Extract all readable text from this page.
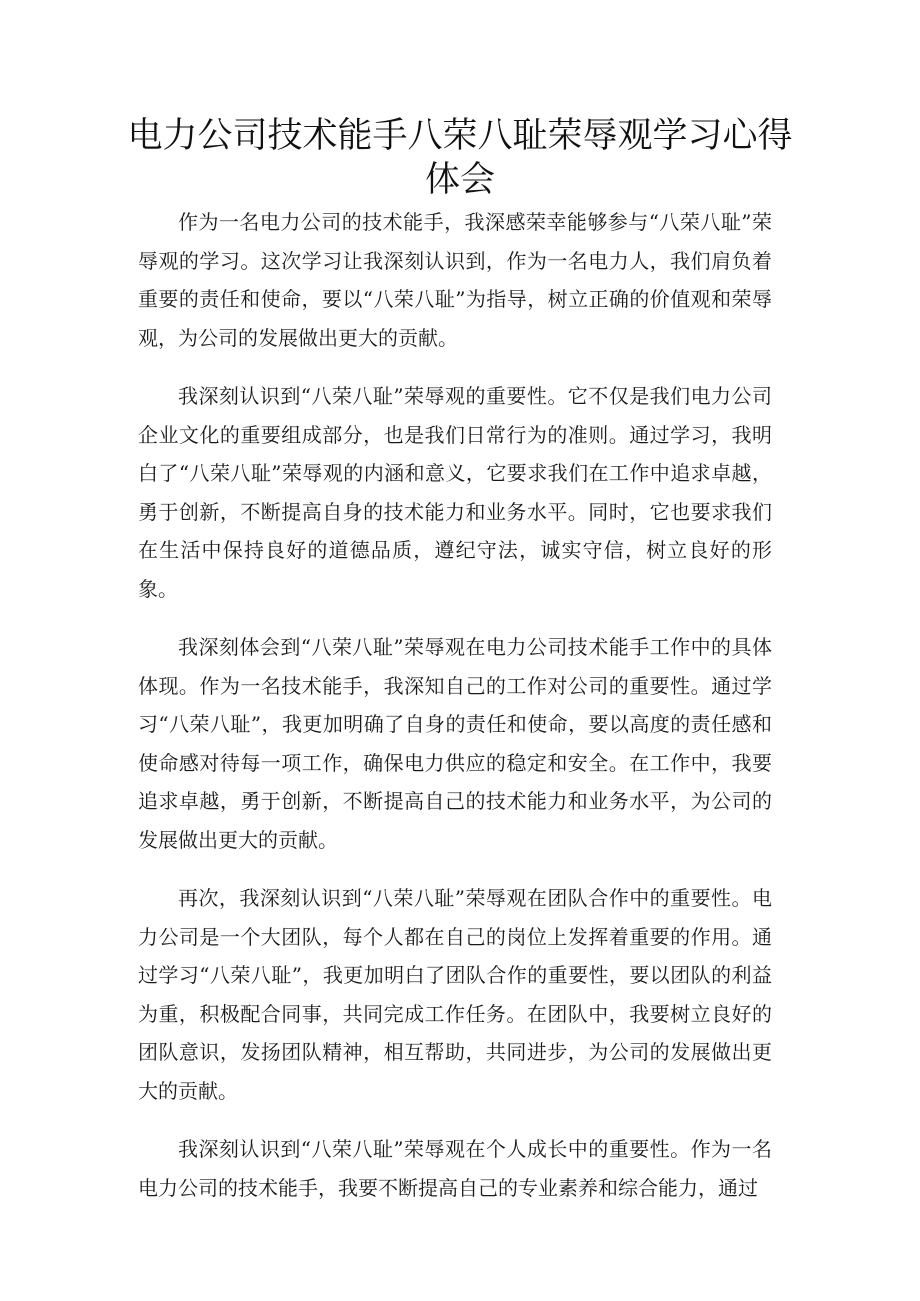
电力公司技术能手八荣八耻荣辱观学习心得
体会

作为一名电力公司的技术能手，我深感荣幸能够参与“八荣八耻”荣辱观的学习。这次学习让我深刻认识到，作为一名电力人，我们肩负着重要的责任和使命，要以“八荣八耻”为指导，树立正确的价值观和荣辱观，为公司的发展做出更大的贡献。

我深刻认识到“八荣八耻”荣辱观的重要性。它不仅是我们电力公司企业文化的重要组成部分，也是我们日常行为的准则。通过学习，我明白了“八荣八耻”荣辱观的内涵和意义，它要求我们在工作中追求卓越，勇于创新，不断提高自身的技术能力和业务水平。同时，它也要求我们在生活中保持良好的道德品质，遵纪守法，诚实守信，树立良好的形象。

我深刻体会到“八荣八耻”荣辱观在电力公司技术能手工作中的具体体现。作为一名技术能手，我深知自己的工作对公司的重要性。通过学习“八荣八耻”，我更加明确了自身的责任和使命，要以高度的责任感和使命感对待每一项工作，确保电力供应的稳定和安全。在工作中，我要追求卓越，勇于创新，不断提高自己的技术能力和业务水平，为公司的发展做出更大的贡献。

再次，我深刻认识到“八荣八耻”荣辱观在团队合作中的重要性。电力公司是一个大团队，每个人都在自己的岗位上发挥着重要的作用。通过学习“八荣八耻”，我更加明白了团队合作的重要性，要以团队的利益为重，积极配合同事，共同完成工作任务。在团队中，我要树立良好的团队意识，发扬团队精神，相互帮助，共同进步，为公司的发展做出更大的贡献。

我深刻认识到“八荣八耻”荣辱观在个人成长中的重要性。作为一名电力公司的技术能手，我要不断提高自己的专业素养和综合能力，通过
